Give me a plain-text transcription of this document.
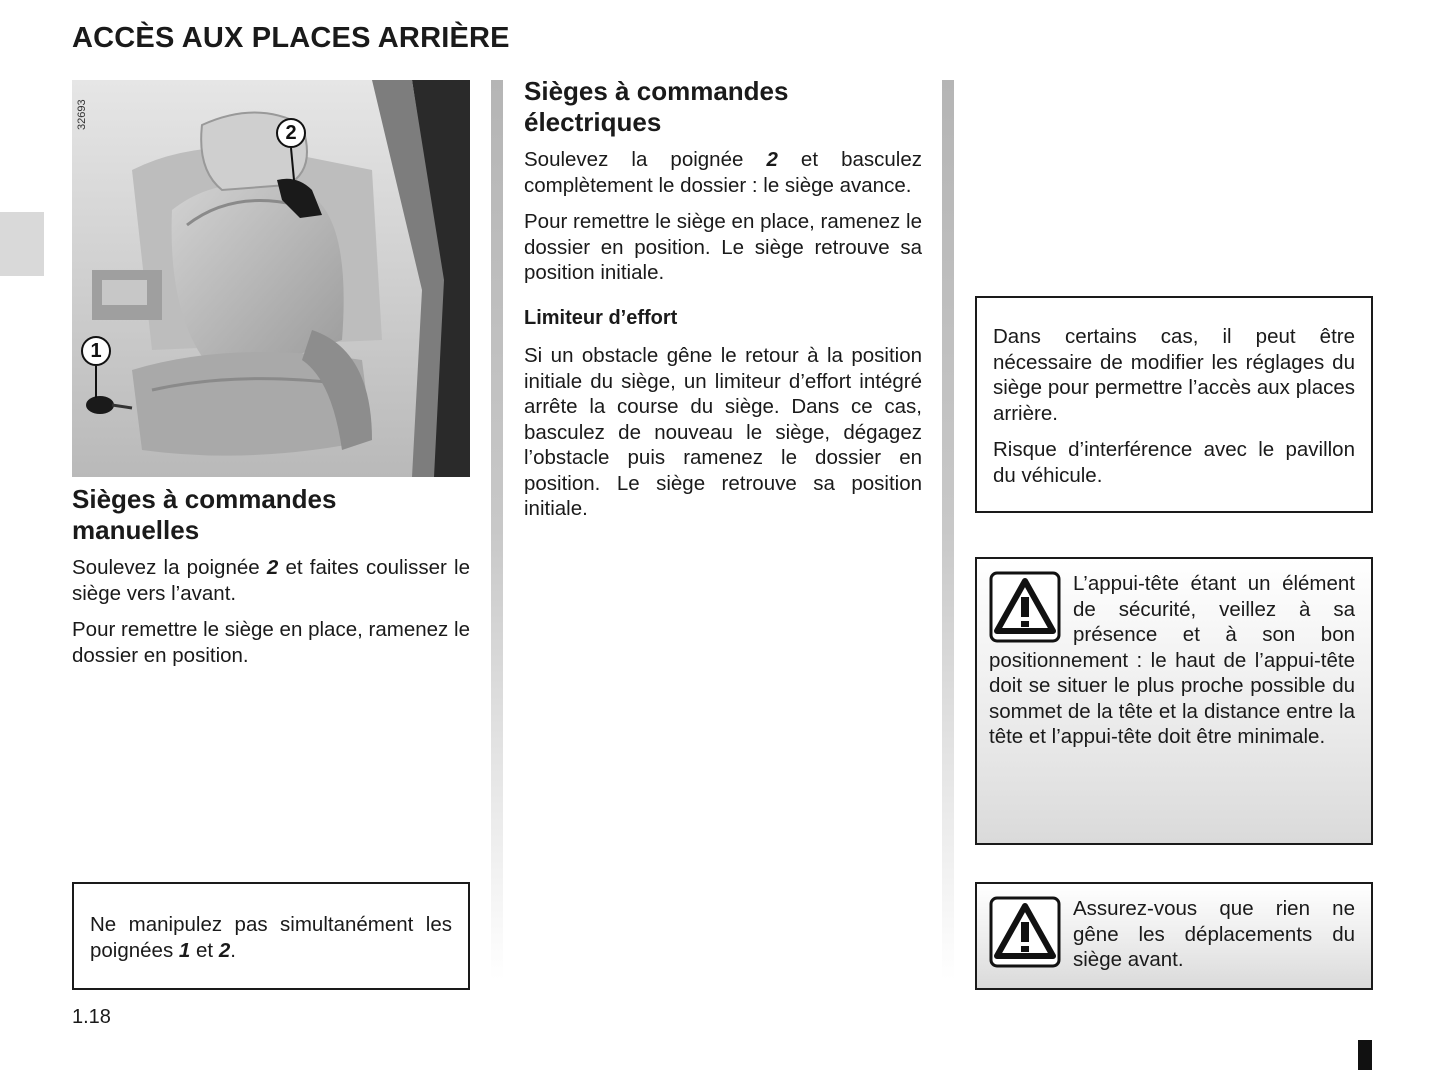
ACCÈS AUX PLACES ARRIÈRE
32693
2
1
Sièges à commandes manuelles

Soulevez la poignée 2 et faites coulisser le siège vers l’avant.

Pour remettre le siège en place, ramenez le dossier en position.

Ne manipulez pas simultanément les poignées 1 et 2.

Sièges à commandes électriques

Soulevez la poignée 2 et basculez complètement le dossier : le siège avance.

Pour remettre le siège en place, ramenez le dossier en position. Le siège retrouve sa position initiale.

Limiteur d’effort

Si un obstacle gêne le retour à la position initiale du siège, un limiteur d’effort intégré arrête la course du siège. Dans ce cas, basculez de nouveau le siège, dégagez l’obstacle puis ramenez le dossier en position. Le siège retrouve sa position initiale.

Dans certains cas, il peut être nécessaire de modifier les réglages du siège pour permettre l’accès aux places arrière.

Risque d’interférence avec le pavillon du véhicule.

L’appui-tête étant un élément de sécurité, veillez à sa présence et à son bon positionnement : le haut de l’appui-tête doit se situer le plus proche possible du sommet de la tête et la distance entre la tête et l’appui-tête doit être minimale.

Assurez-vous que rien ne gêne les déplacements du siège avant.

1.18
